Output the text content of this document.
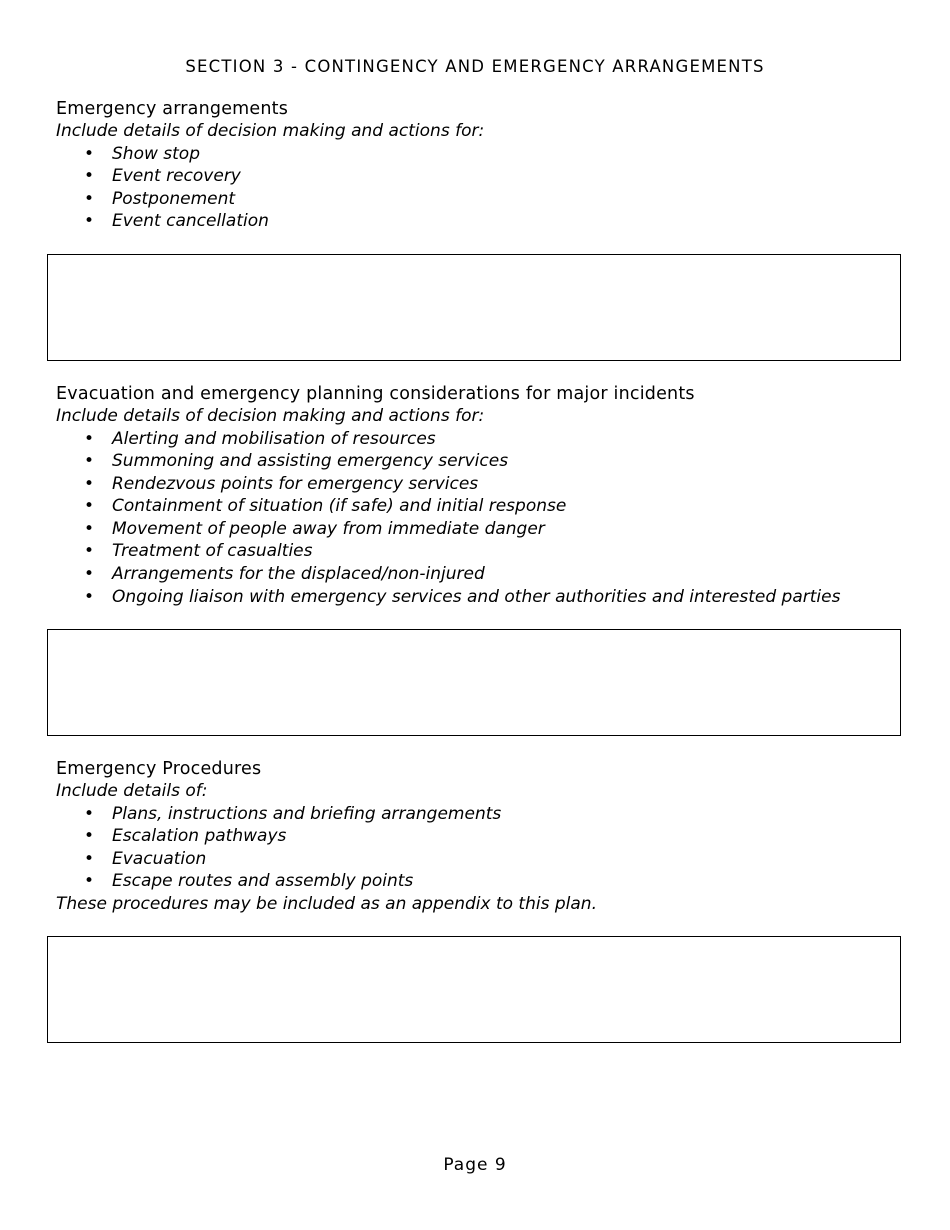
SECTION 3 - CONTINGENCY AND EMERGENCY ARRANGEMENTS
Emergency arrangements
Include details of decision making and actions for:
• Show stop
• Event recovery
• Postponement
• Event cancellation
Evacuation and emergency planning considerations for major incidents
Include details of decision making and actions for:
• Alerting and mobilisation of resources
• Summoning and assisting emergency services
• Rendezvous points for emergency services
• Containment of situation (if safe) and initial response
• Movement of people away from immediate danger
• Treatment of casualties
• Arrangements for the displaced/non-injured
• Ongoing liaison with emergency services and other authorities and interested parties
Emergency Procedures
Include details of:
• Plans, instructions and briefing arrangements
• Escalation pathways
• Evacuation
• Escape routes and assembly points
These procedures may be included as an appendix to this plan.
Page 9
